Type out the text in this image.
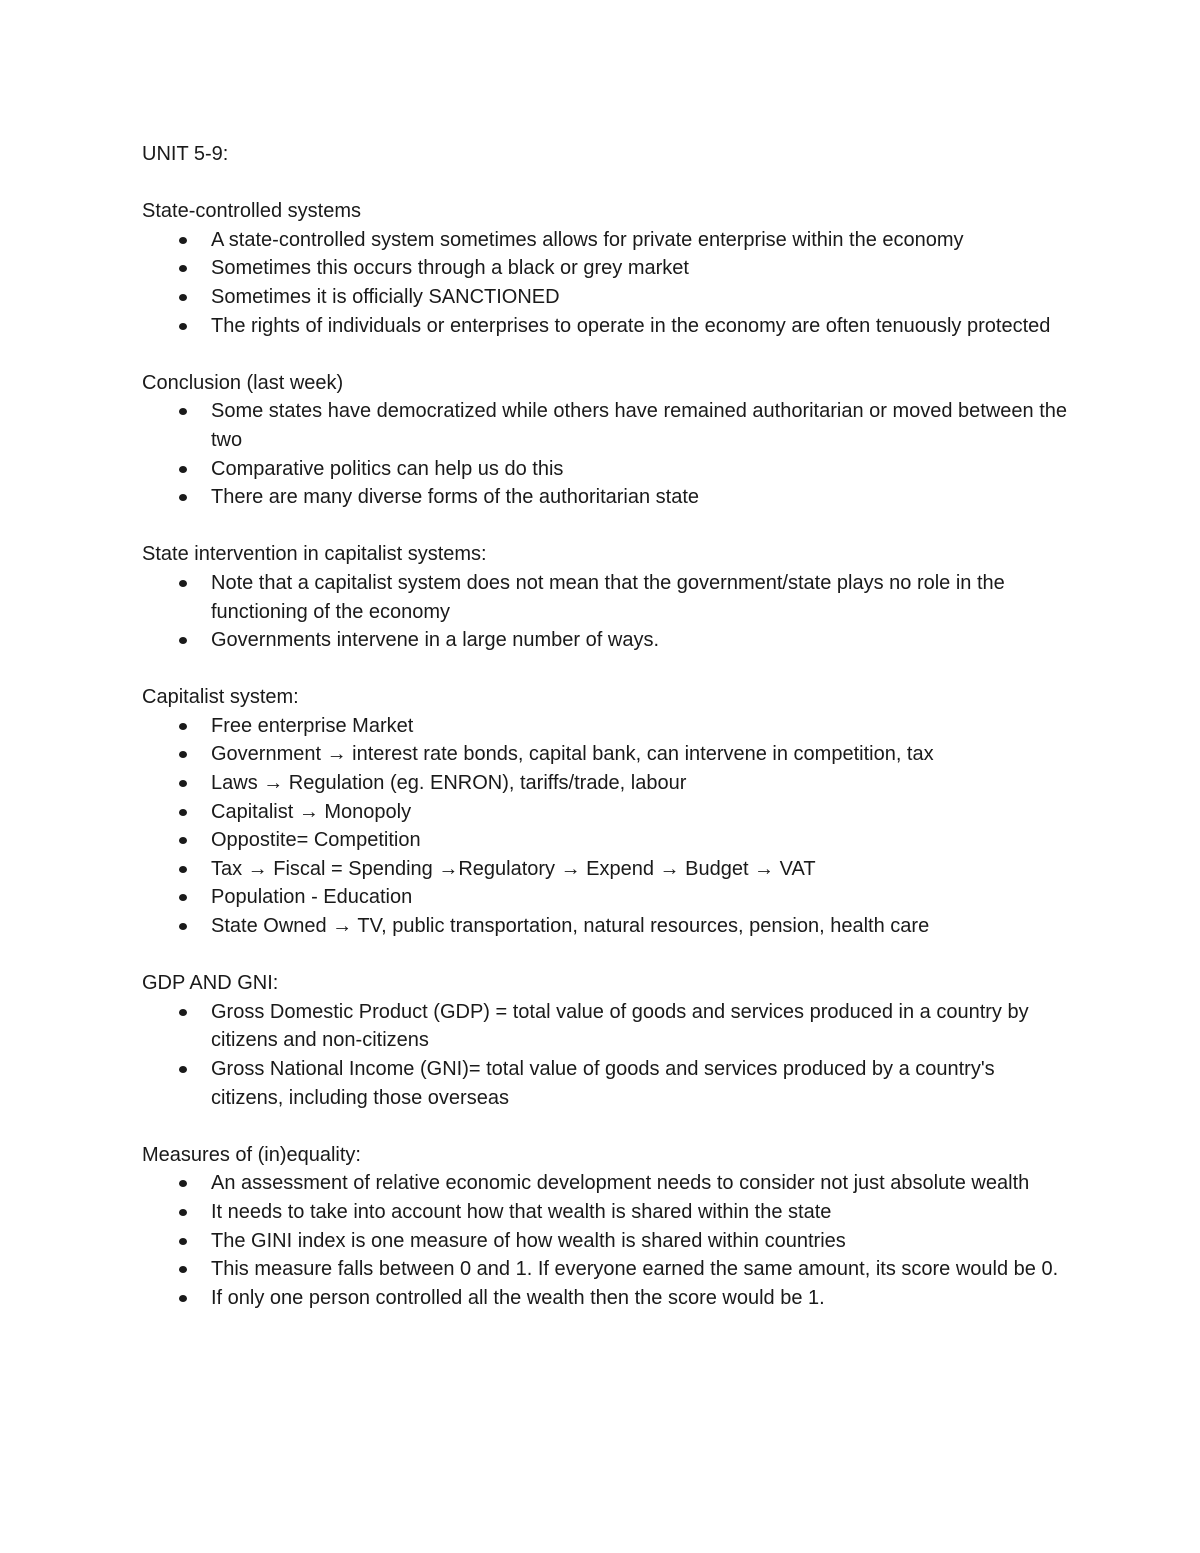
UNIT 5-9:
State-controlled systems
A state-controlled system sometimes allows for private enterprise within the economy
Sometimes this occurs through a black or grey market
Sometimes it is officially SANCTIONED
The rights of individuals or enterprises to operate in the economy are often tenuously protected
Conclusion (last week)
Some states have democratized while others have remained authoritarian or moved between the two
Comparative politics can help us do this
There are many diverse forms of the authoritarian state
State intervention in capitalist systems:
Note that a capitalist system does not mean that the government/state plays no role in the functioning of the economy
Governments intervene in a large number of ways.
Capitalist system:
Free enterprise Market
Government → interest rate bonds, capital bank, can intervene in competition, tax
Laws → Regulation (eg. ENRON), tariffs/trade, labour
Capitalist → Monopoly
Oppostite= Competition
Tax → Fiscal = Spending →Regulatory → Expend → Budget → VAT
Population - Education
State Owned → TV, public transportation, natural resources, pension, health care
GDP AND GNI:
Gross Domestic Product (GDP) = total value of goods and services produced in a country by citizens and non-citizens
Gross National Income (GNI)= total value of goods and services produced by a country's citizens, including those overseas
Measures of (in)equality:
An assessment of relative economic development needs to consider not just absolute wealth
It needs to take into account how that wealth is shared within the state
The GINI index is one measure of how wealth is shared within countries
This measure falls between 0 and 1. If everyone earned the same amount, its score would be 0.
If only one person controlled all the wealth then the score would be 1.
